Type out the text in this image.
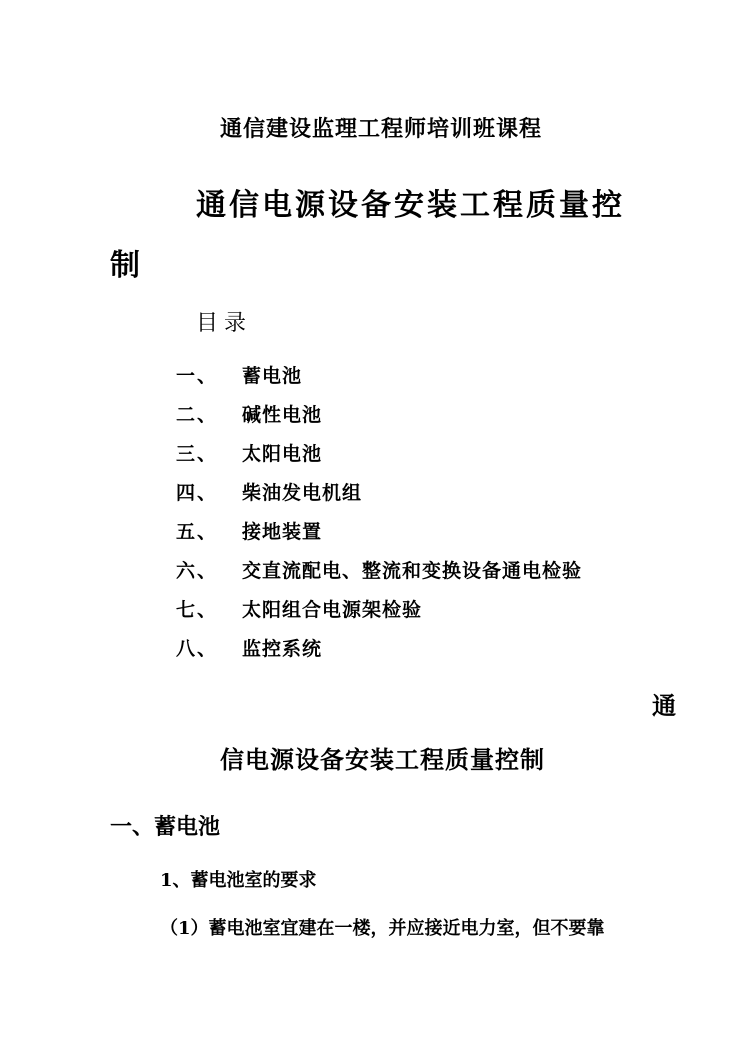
通信建设监理工程师培训班课程
通信电源设备安装工程质量控
制
目录
一、	蓄电池
二、	碱性电池
三、	太阳电池
四、	柴油发电机组
五、	接地装置
六、	交直流配电、整流和变换设备通电检验
七、	太阳组合电源架检验
八、	监控系统
通
信电源设备安装工程质量控制
一、蓄电池
1、蓄电池室的要求
（1）蓄电池室宜建在一楼，并应接近电力室，但不要靠
